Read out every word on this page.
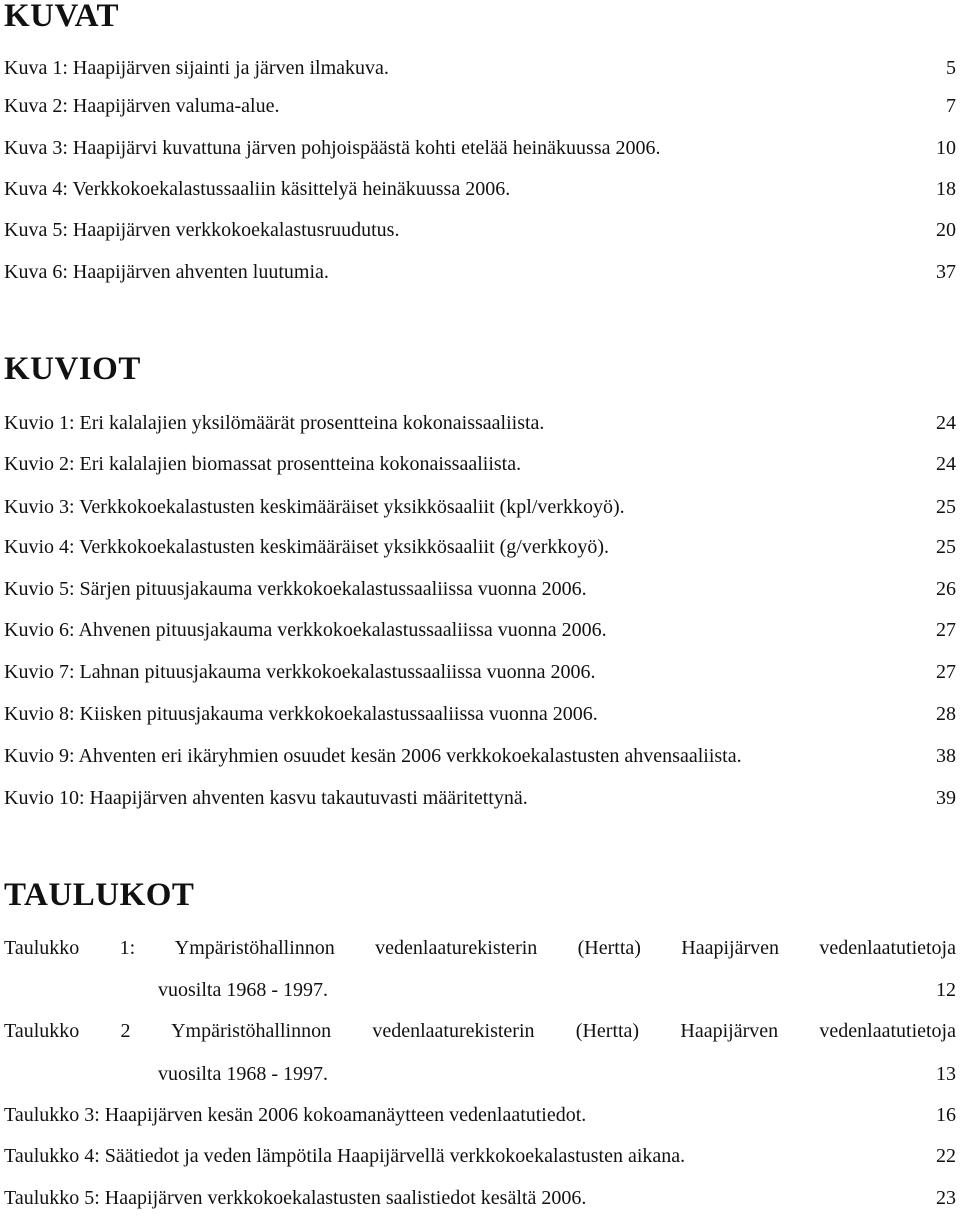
KUVAT
Kuva 1: Haapijärven sijainti ja järven ilmakuva.	5
Kuva 2: Haapijärven valuma-alue.	7
Kuva 3: Haapijärvi kuvattuna järven pohjoispäästä kohti etelää heinäkuussa 2006.	10
Kuva 4: Verkkokoekalastussaaliin käsittelyä heinäkuussa 2006.	18
Kuva 5: Haapijärven verkkokoekalastusruudutus.	20
Kuva 6: Haapijärven ahventen luutumia.	37
KUVIOT
Kuvio 1: Eri kalalajien yksilömäärät prosentteina kokonaissaaliista.	24
Kuvio 2: Eri kalalajien biomassat prosentteina kokonaissaaliista.	24
Kuvio 3: Verkkokoekalastusten keskimääräiset yksikkösaaliit (kpl/verkkoyö).	25
Kuvio 4: Verkkokoekalastusten keskimääräiset yksikkösaaliit (g/verkkoyö).	25
Kuvio 5: Särjen pituusjakauma verkkokoekalastussaaliissa vuonna 2006.	26
Kuvio 6: Ahvenen pituusjakauma verkkokoekalastussaaliissa vuonna 2006.	27
Kuvio 7: Lahnan pituusjakauma verkkokoekalastussaaliissa vuonna 2006.	27
Kuvio 8: Kiisken pituusjakauma verkkokoekalastussaaliissa vuonna 2006.	28
Kuvio 9: Ahventen eri ikäryhmien osuudet kesän 2006 verkkokoekalastusten ahvensaaliista.	38
Kuvio 10: Haapijärven ahventen kasvu takautuvasti määritettynä.	39
TAULUKOT
Taulukko 1: Ympäristöhallinnon vedenlaaturekisterin (Hertta) Haapijärven vedenlaatutietoja
vuosilta 1968 - 1997.	12
Taulukko 2 Ympäristöhallinnon vedenlaaturekisterin (Hertta) Haapijärven vedenlaatutietoja
vuosilta 1968 - 1997.	13
Taulukko 3: Haapijärven kesän 2006 kokoamanäytteen vedenlaatutiedot.	16
Taulukko 4: Säätiedot ja veden lämpötila Haapijärvellä verkkokoekalastusten aikana.	22
Taulukko 5: Haapijärven verkkokoekalastusten saalistiedot kesältä 2006.	23
